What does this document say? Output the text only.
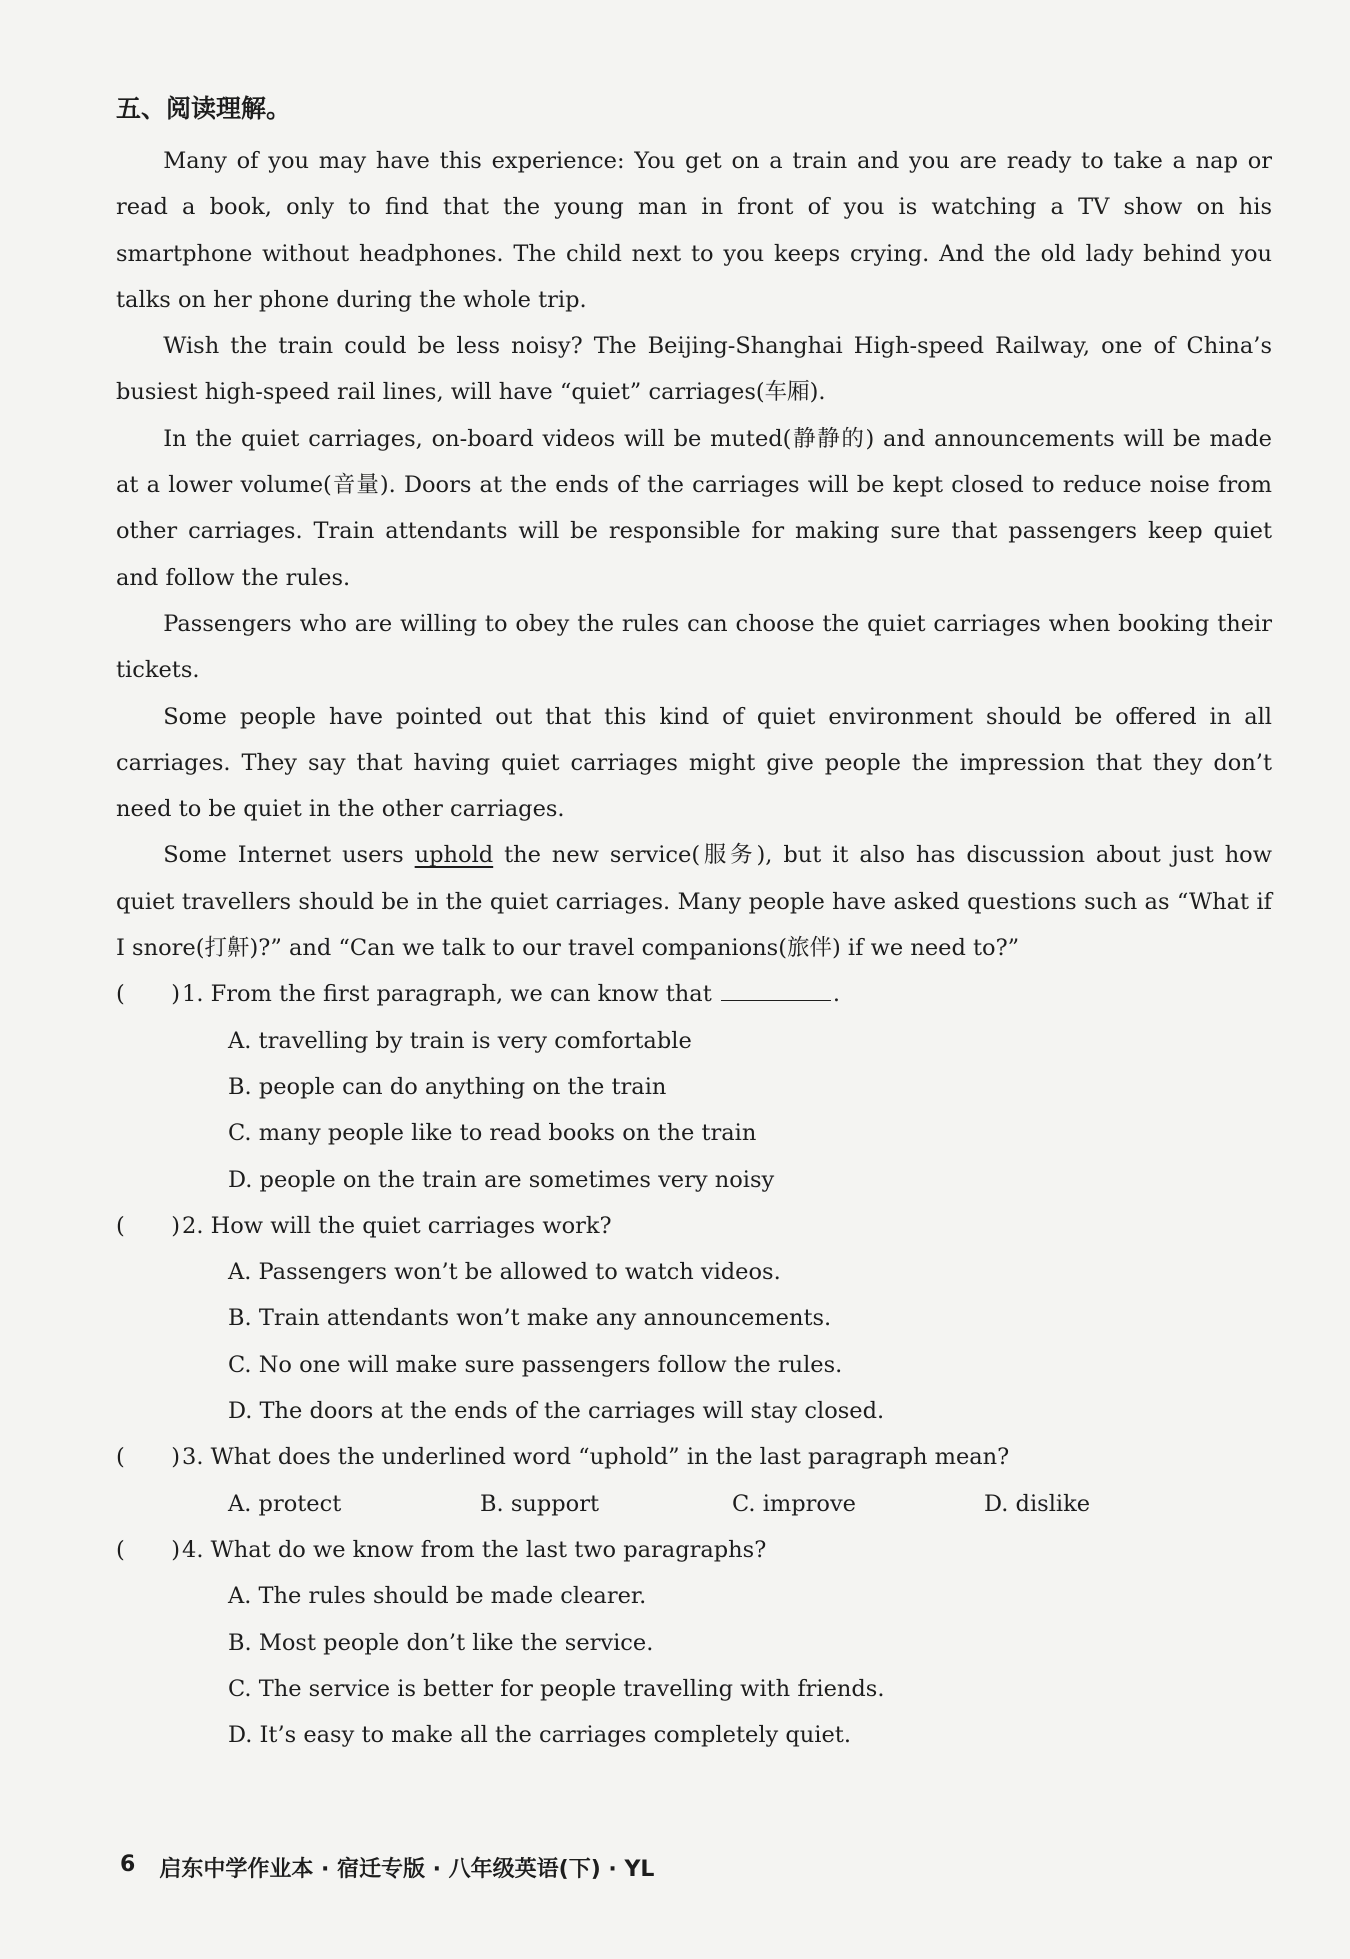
五、阅读理解。

Many of you may have this experience: You get on a train and you are ready to take a nap or read a book, only to find that the young man in front of you is watching a TV show on his smartphone without headphones. The child next to you keeps crying. And the old lady behind you talks on her phone during the whole trip.

Wish the train could be less noisy? The Beijing-Shanghai High-speed Railway, one of China’s busiest high-speed rail lines, will have “quiet” carriages(车厢).

In the quiet carriages, on-board videos will be muted(静静的) and announcements will be made at a lower volume(音量). Doors at the ends of the carriages will be kept closed to reduce noise from other carriages. Train attendants will be responsible for making sure that passengers keep quiet and follow the rules.

Passengers who are willing to obey the rules can choose the quiet carriages when booking their tickets.

Some people have pointed out that this kind of quiet environment should be offered in all carriages. They say that having quiet carriages might give people the impression that they don’t need to be quiet in the other carriages.

Some Internet users uphold the new service(服务), but it also has discussion about just how quiet travellers should be in the quiet carriages. Many people have asked questions such as “What if I snore(打鼾)?” and “Can we talk to our travel companions(旅伴) if we need to?”

( ) 1. From the first paragraph, we can know that	.

A. travelling by train is very comfortable

B. people can do anything on the train

C. many people like to read books on the train

D. people on the train are sometimes very noisy

( ) 2. How will the quiet carriages work?

A. Passengers won’t be allowed to watch videos.

B. Train attendants won’t make any announcements.

C. No one will make sure passengers follow the rules.

D. The doors at the ends of the carriages will stay closed.

( ) 3. What does the underlined word “uphold” in the last paragraph mean?

A. protect	B. support	C. improve	D. dislike

( ) 4. What do we know from the last two paragraphs?

A. The rules should be made clearer.

B. Most people don’t like the service.

C. The service is better for people travelling with friends.

D. It’s easy to make all the carriages completely quiet.

6 启东中学作业本 · 宿迁专版 · 八年级英语(下) · YL
